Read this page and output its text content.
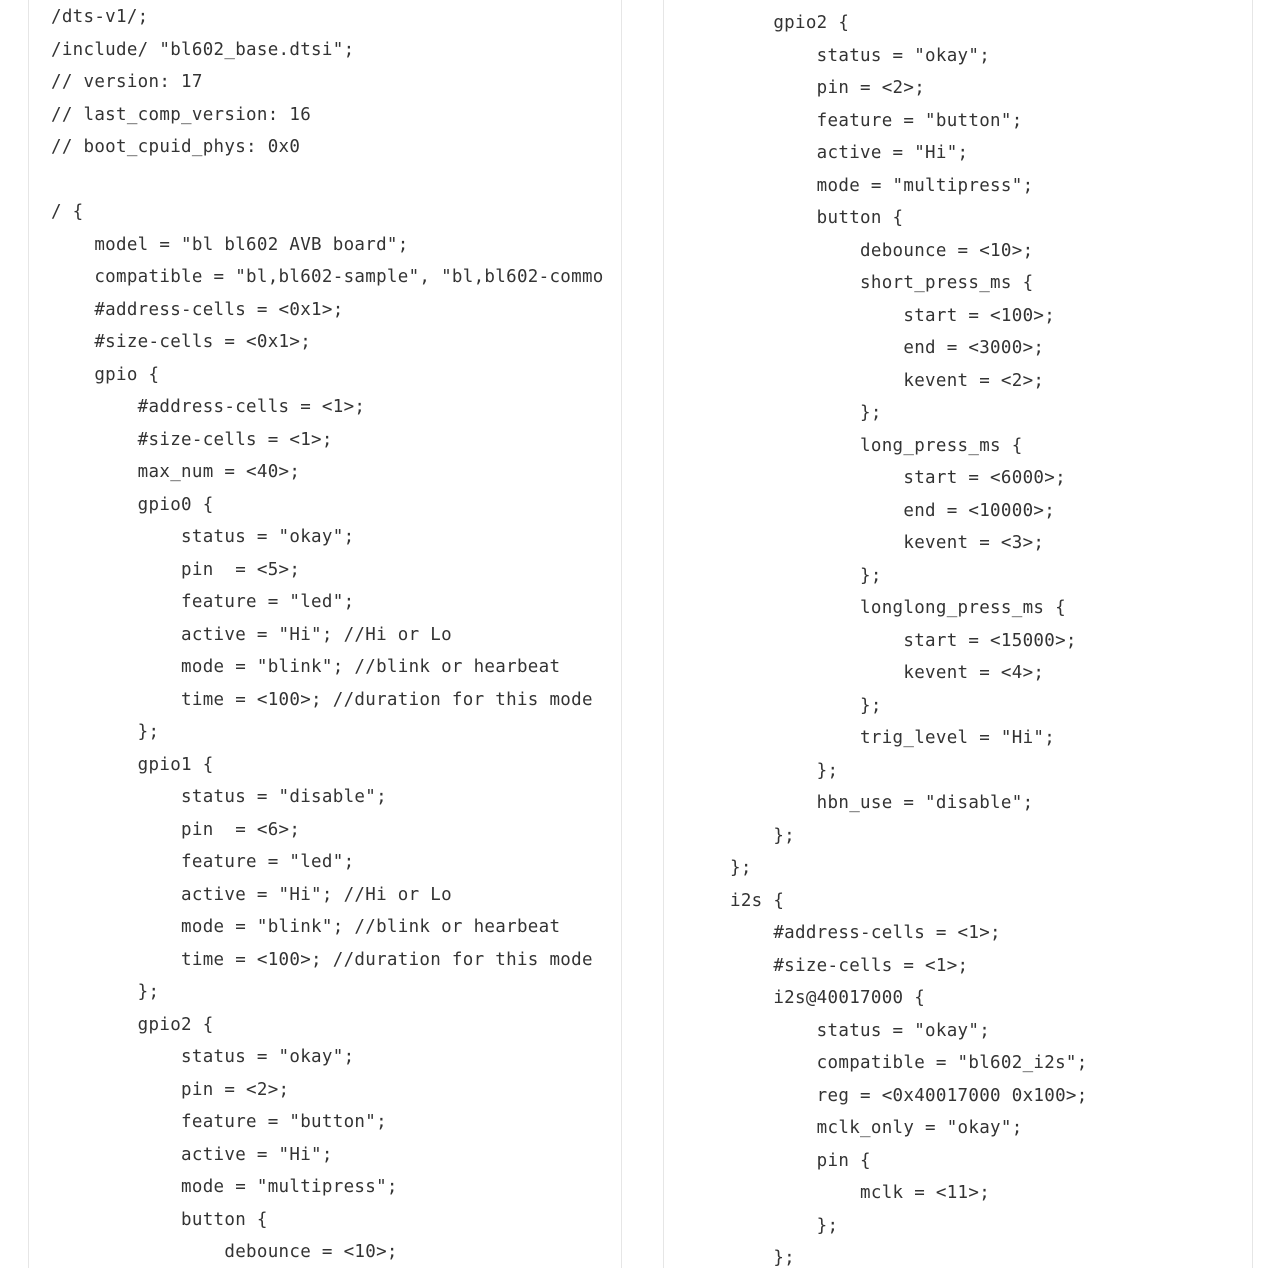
/dts-v1/;
/include/ "bl602_base.dtsi";
// version: 17
// last_comp_version: 16
// boot_cpuid_phys: 0x0

/ {
model = "bl bl602 AVB board";
compatible = "bl,bl602-sample", "bl,bl602-commo
#address-cells = <0x1>;
#size-cells = <0x1>;
gpio {
#address-cells = <1>;
#size-cells = <1>;
max_num = <40>;
gpio0 {
status = "okay";
pin  = <5>;
feature = "led";
active = "Hi"; //Hi or Lo
mode = "blink"; //blink or hearbeat
time = <100>; //duration for this mode
};
gpio1 {
status = "disable";
pin  = <6>;
feature = "led";
active = "Hi"; //Hi or Lo
mode = "blink"; //blink or hearbeat
time = <100>; //duration for this mode
};
gpio2 {
status = "okay";
pin = <2>;
feature = "button";
active = "Hi";
mode = "multipress";
button {
debounce = <10>;
gpio2 {
status = "okay";
pin = <2>;
feature = "button";
active = "Hi";
mode = "multipress";
button {
debounce = <10>;
short_press_ms {
start = <100>;
end = <3000>;
kevent = <2>;
};
long_press_ms {
start = <6000>;
end = <10000>;
kevent = <3>;
};
longlong_press_ms {
start = <15000>;
kevent = <4>;
};
trig_level = "Hi";
};
hbn_use = "disable";
};
};
i2s {
#address-cells = <1>;
#size-cells = <1>;
i2s@40017000 {
status = "okay";
compatible = "bl602_i2s";
reg = <0x40017000 0x100>;
mclk_only = "okay";
pin {
mclk = <11>;
};
};
